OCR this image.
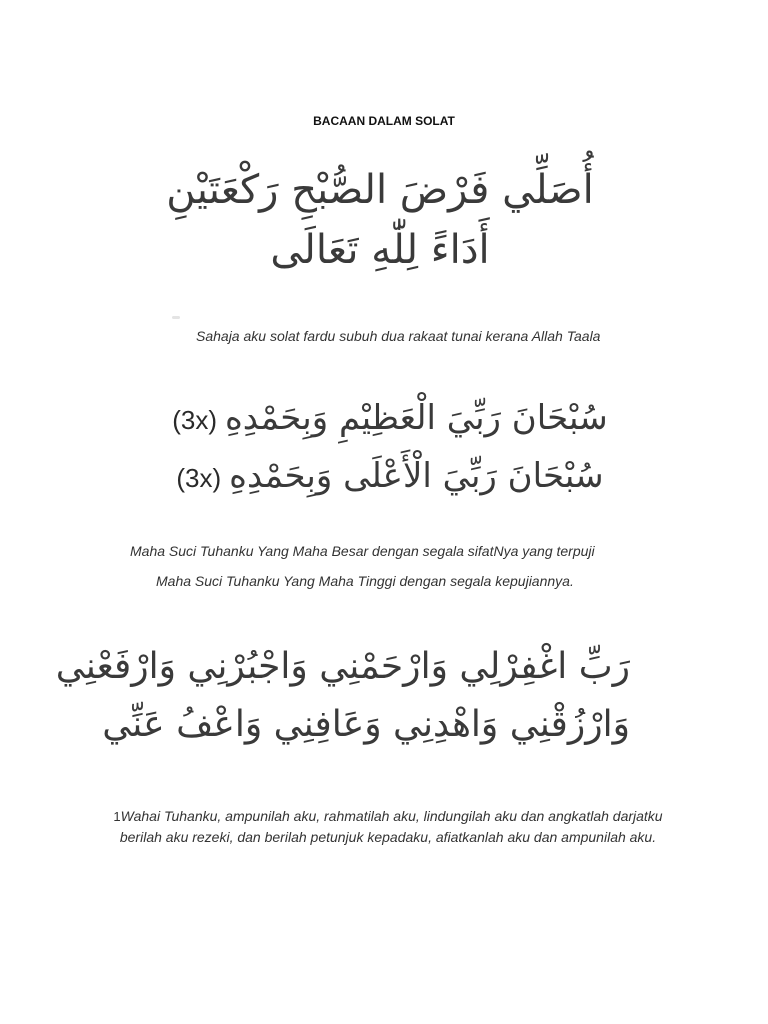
BACAAN DALAM SOLAT
أُصَلِّي فَرْضَ الصُّبْحِ رَكْعَتَيْنِ
أَدَاءً لِلّٰهِ تَعَالَى
Sahaja aku solat fardu subuh dua rakaat tunai kerana Allah Taala
(3x) سُبْحَانَ رَبِّيَ الْعَظِيْمِ وَبِحَمْدِهِ
(3x) سُبْحَانَ رَبِّيَ الْأَعْلَى وَبِحَمْدِهِ
Maha Suci Tuhanku Yang Maha Besar dengan segala sifatNya yang terpuji
Maha Suci Tuhanku Yang Maha Tinggi dengan segala kepujiannya.
رَبِّ اغْفِرْلِي وَارْحَمْنِي وَاجْبُرْنِي وَارْفَعْنِي
وَارْزُقْنِي وَاهْدِنِي وَعَافِنِي وَاعْفُ عَنِّي
1Wahai Tuhanku, ampunilah aku, rahmatilah aku, lindungilah aku dan angkatlah darjatku berilah aku rezeki, dan berilah petunjuk kepadaku, afiatkanlah aku dan ampunilah aku.
